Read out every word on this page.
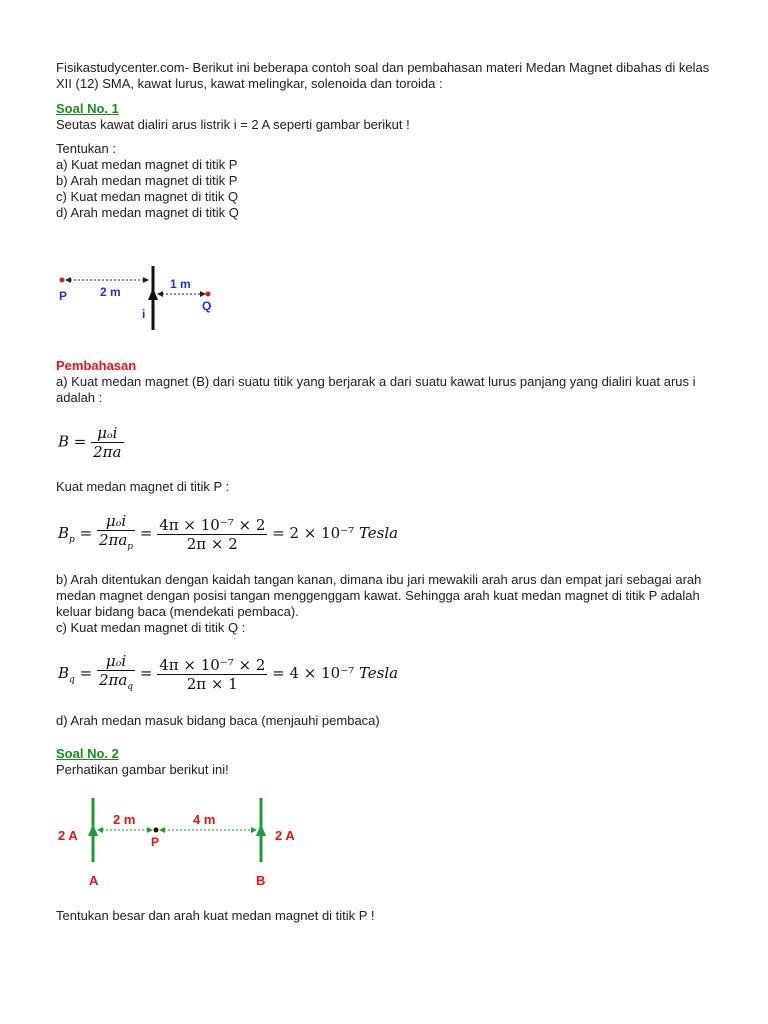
Fisikastudycenter.com- Berikut ini beberapa contoh soal dan pembahasan materi Medan Magnet dibahas di kelas
XII (12) SMA, kawat lurus, kawat melingkar, solenoida dan toroida :
Soal No. 1
Seutas kawat dialiri arus listrik i = 2 A seperti gambar berikut !
Tentukan :
a) Kuat medan magnet di titik P
b) Arah medan magnet di titik P
c) Kuat medan magnet di titik Q
d) Arah medan magnet di titik Q
P	2 m
1 m
Q
i
Pembahasan
a) Kuat medan magnet (B) dari suatu titik yang berjarak a dari suatu kawat lurus panjang yang dialiri kuat arus i
adalah :
$B = \frac{\text{μₒi}}{2\pi a}$
Kuat medan magnet di titik P :
$B_p = \frac{\text{μₒi}}{2\pi a_p} = \frac{\text{4π × 10⁻⁷ × 2}}{2\pi \times 2} = 2 \times 10^{-7}$ Tesla
b) Arah ditentukan dengan kaidah tangan kanan, dimana ibu jari mewakili arah arus dan empat jari sebagai arah
medan magnet dengan posisi tangan menggenggam kawat. Sehingga arah kuat medan magnet di titik P adalah
keluar bidang baca (mendekati pembaca).
c) Kuat medan magnet di titik Q :
$B_q = \frac{\text{μₒi}}{2\pi a_q} = \frac{\text{4π × 10⁻⁷ × 2}}{2\pi \times 1} = 4 \times 10^{-7}$ Tesla
d) Arah medan masuk bidang baca (menjauhi pembaca)
Soal No. 2
Perhatikan gambar berikut ini!
2 A	2 A
2 m	4 m
P
A	B
Tentukan besar dan arah kuat medan magnet di titik P !
